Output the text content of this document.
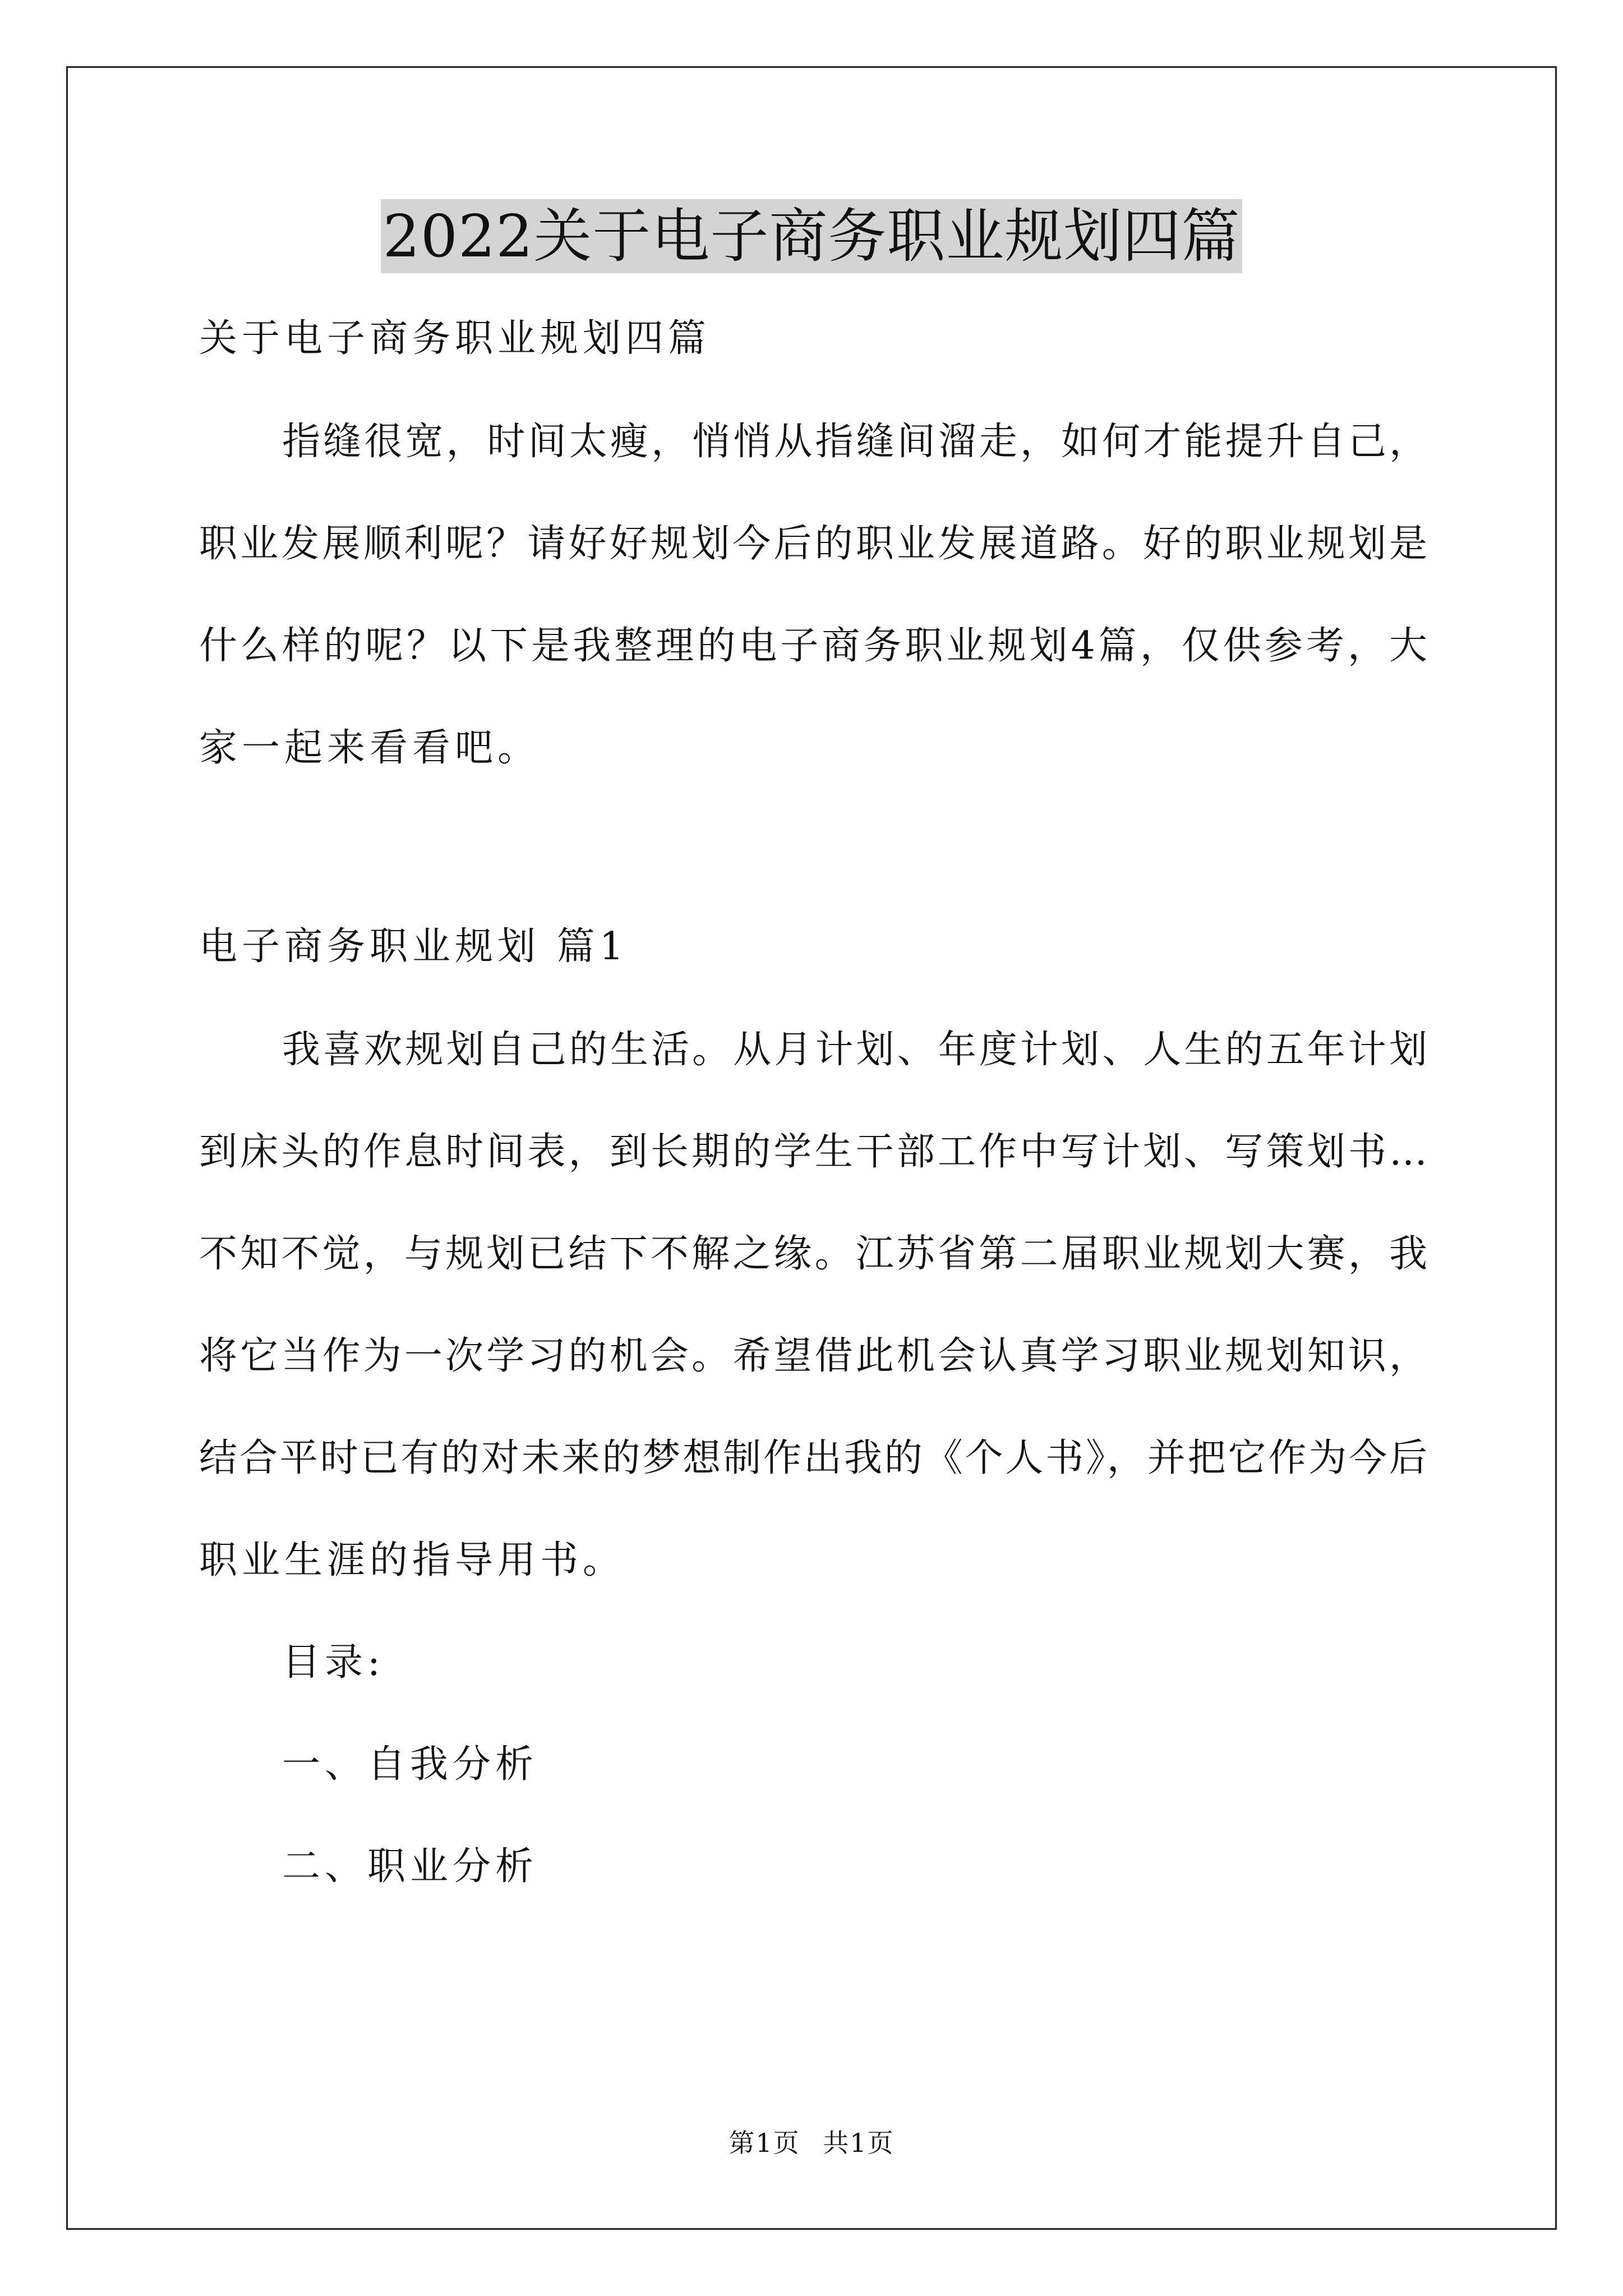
2022关于电子商务职业规划四篇
关于电子商务职业规划四篇
指缝很宽，时间太瘦，悄悄从指缝间溜走，如何才能提升自己，
职业发展顺利呢？请好好规划今后的职业发展道路。好的职业规划是
什么样的呢？以下是我整理的电子商务职业规划4篇，仅供参考，大
家一起来看看吧。
电子商务职业规划 篇1
我喜欢规划自己的生活。从月计划、年度计划、人生的五年计划
到床头的作息时间表，到长期的学生干部工作中写计划、写策划书…
不知不觉，与规划已结下不解之缘。江苏省第二届职业规划大赛，我
将它当作为一次学习的机会。希望借此机会认真学习职业规划知识，
结合平时已有的对未来的梦想制作出我的《个人书》，并把它作为今后
职业生涯的指导用书。
目录:
一、自我分析
二、职业分析
第1页 共1页
